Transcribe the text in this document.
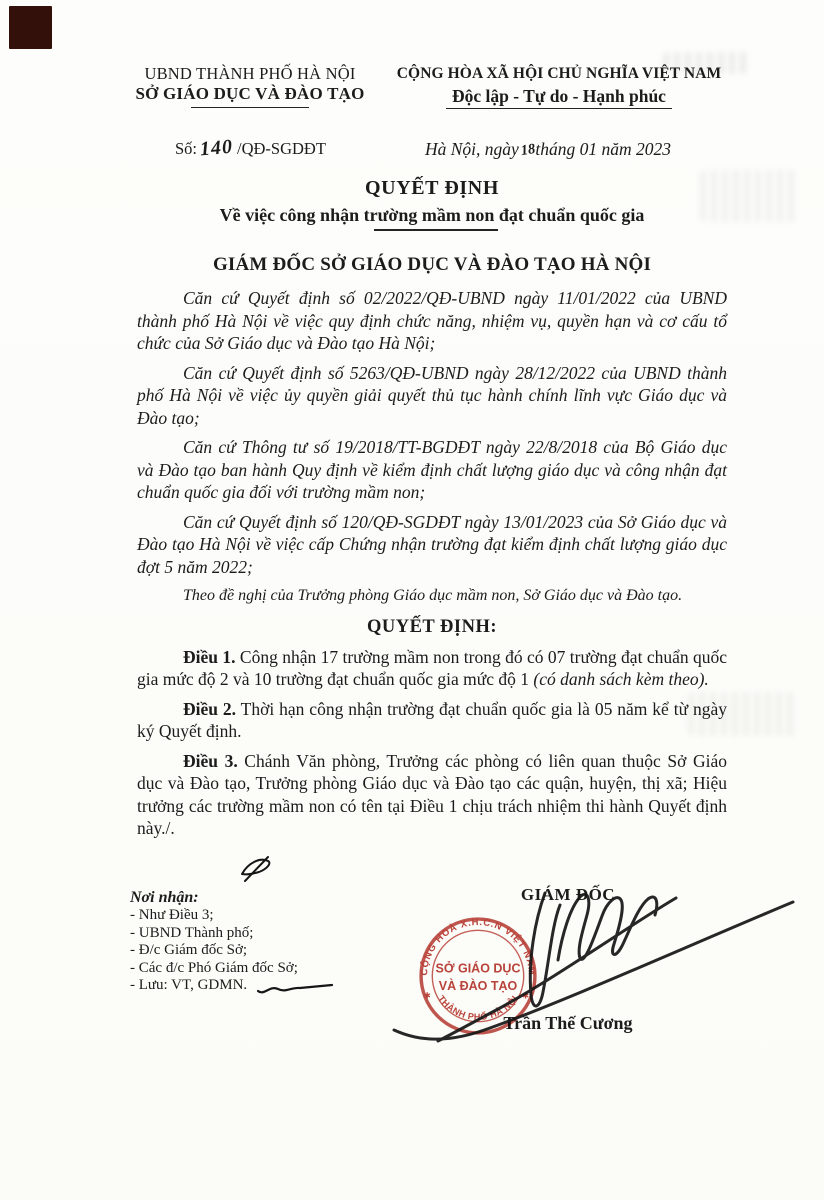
UBND THÀNH PHỐ HÀ NỘI
SỞ GIÁO DỤC VÀ ĐÀO TẠO
CỘNG HÒA XÃ HỘI CHỦ NGHĨA VIỆT NAM
Độc lập - Tự do - Hạnh phúc
Số: 140 /QĐ-SGDĐT	Hà Nội, ngày18tháng 01 năm 2023
QUYẾT ĐỊNH
Về việc công nhận trường mầm non đạt chuẩn quốc gia
GIÁM ĐỐC SỞ GIÁO DỤC VÀ ĐÀO TẠO HÀ NỘI

Căn cứ Quyết định số 02/2022/QĐ-UBND ngày 11/01/2022 của UBND thành phố Hà Nội về việc quy định chức năng, nhiệm vụ, quyền hạn và cơ cấu tổ chức của Sở Giáo dục và Đào tạo Hà Nội;

Căn cứ Quyết định số 5263/QĐ-UBND ngày 28/12/2022 của UBND thành phố Hà Nội về việc ủy quyền giải quyết thủ tục hành chính lĩnh vực Giáo dục và Đào tạo;

Căn cứ Thông tư số 19/2018/TT-BGDĐT ngày 22/8/2018 của Bộ Giáo dục và Đào tạo ban hành Quy định về kiểm định chất lượng giáo dục và công nhận đạt chuẩn quốc gia đối với trường mầm non;

Căn cứ Quyết định số 120/QĐ-SGDĐT ngày 13/01/2023 của Sở Giáo dục và Đào tạo Hà Nội về việc cấp Chứng nhận trường đạt kiểm định chất lượng giáo dục đợt 5 năm 2022;

Theo đề nghị của Trưởng phòng Giáo dục mầm non, Sở Giáo dục và Đào tạo.

QUYẾT ĐỊNH:

Điều 1. Công nhận 17 trường mầm non trong đó có 07 trường đạt chuẩn quốc gia mức độ 2 và 10 trường đạt chuẩn quốc gia mức độ 1 (có danh sách kèm theo).

Điều 2. Thời hạn công nhận trường đạt chuẩn quốc gia là 05 năm kể từ ngày ký Quyết định.

Điều 3. Chánh Văn phòng, Trưởng các phòng có liên quan thuộc Sở Giáo dục và Đào tạo, Trưởng phòng Giáo dục và Đào tạo các quận, huyện, thị xã; Hiệu trưởng các trường mầm non có tên tại Điều 1 chịu trách nhiệm thi hành Quyết định này./.

Nơi nhận:
- Như Điều 3;
- UBND Thành phố;
- Đ/c Giám đốc Sở;
- Các đ/c Phó Giám đốc Sở;
- Lưu: VT, GDMN.
GIÁM ĐỐC
Trần Thế Cương
CỘNG HOÀ X.H.C.N VIỆT NAM
THÀNH PHỐ HÀ NỘI
SỞ GIÁO DỤC
VÀ ĐÀO TẠO
✱	✱
